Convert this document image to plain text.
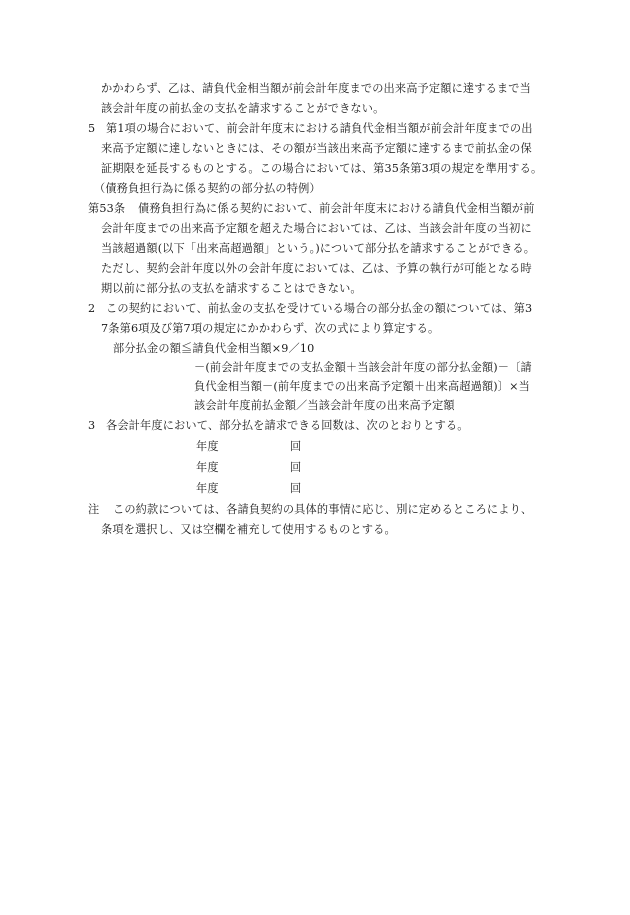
かかわらず、乙は、請負代金相当額が前会計年度までの出来高予定額に達するまで当
該会計年度の前払金の支払を請求することができない。
5 第1項の場合において、前会計年度末における請負代金相当額が前会計年度までの出
来高予定額に達しないときには、その額が当該出来高予定額に達するまで前払金の保
証期限を延長するものとする。この場合においては、第35条第3項の規定を準用する。
（債務負担行為に係る契約の部分払の特例）
第53条 債務負担行為に係る契約において、前会計年度末における請負代金相当額が前
会計年度までの出来高予定額を超えた場合においては、乙は、当該会計年度の当初に
当該超過額(以下「出来高超過額」という。)について部分払を請求することができる。
ただし、契約会計年度以外の会計年度においては、乙は、予算の執行が可能となる時
期以前に部分払の支払を請求することはできない。
2 この契約において、前払金の支払を受けている場合の部分払金の額については、第3
7条第6項及び第7項の規定にかかわらず、次の式により算定する。
部分払金の額≦請負代金相当額×9／10
－(前会計年度までの支払金額＋当該会計年度の部分払金額)－〔請
負代金相当額－(前年度までの出来高予定額＋出来高超過額)〕×当
該会計年度前払金額／当該会計年度の出来高予定額
3 各会計年度において、部分払を請求できる回数は、次のとおりとする。
年度	回
年度	回
年度	回
注 この約款については、各請負契約の具体的事情に応じ、別に定めるところにより、
条項を選択し、又は空欄を補充して使用するものとする。
